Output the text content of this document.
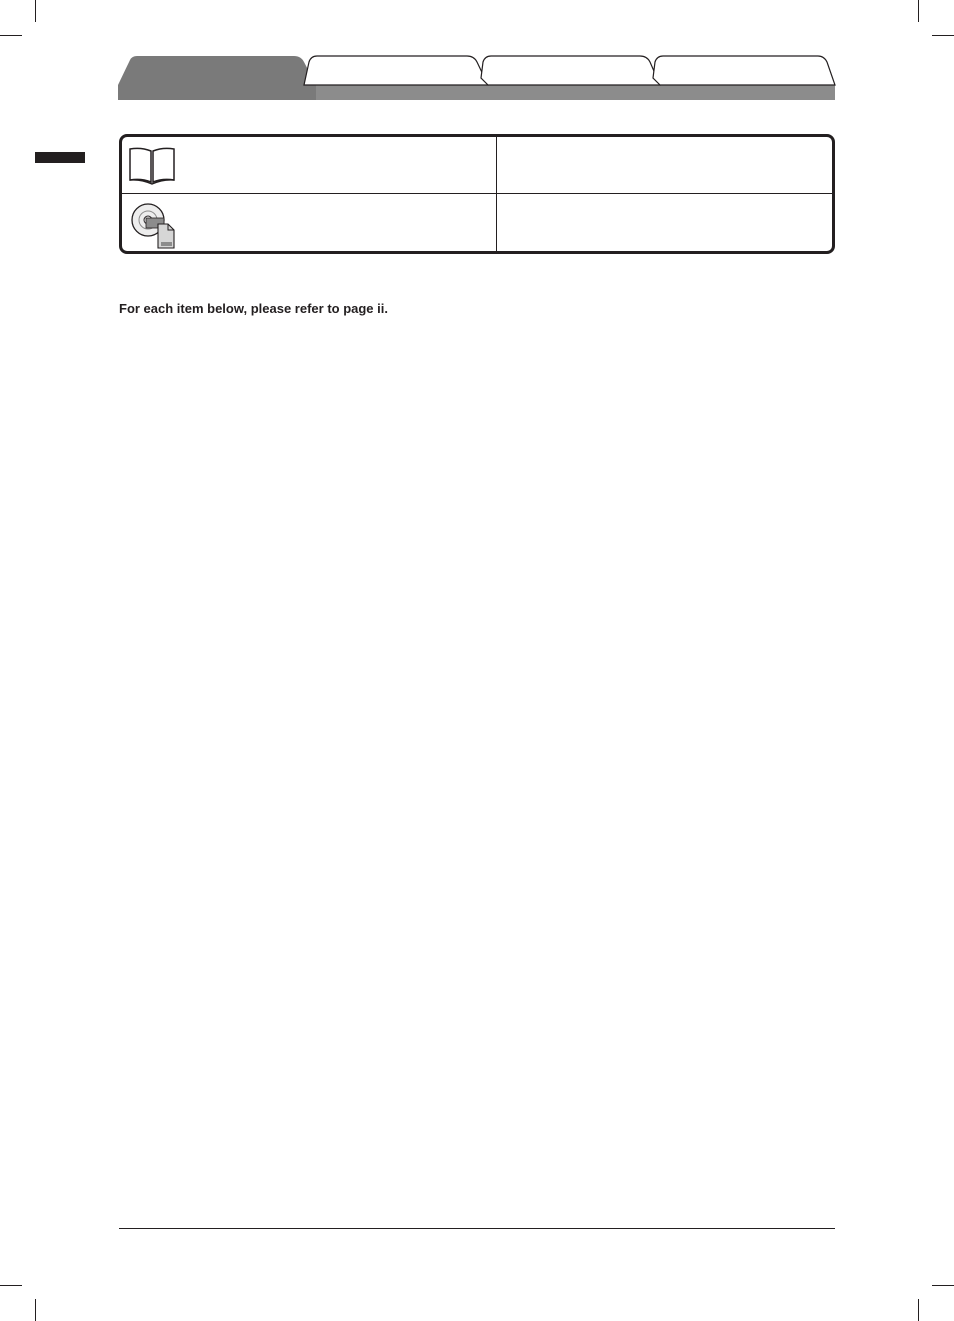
For each item below, please refer to page ii.
